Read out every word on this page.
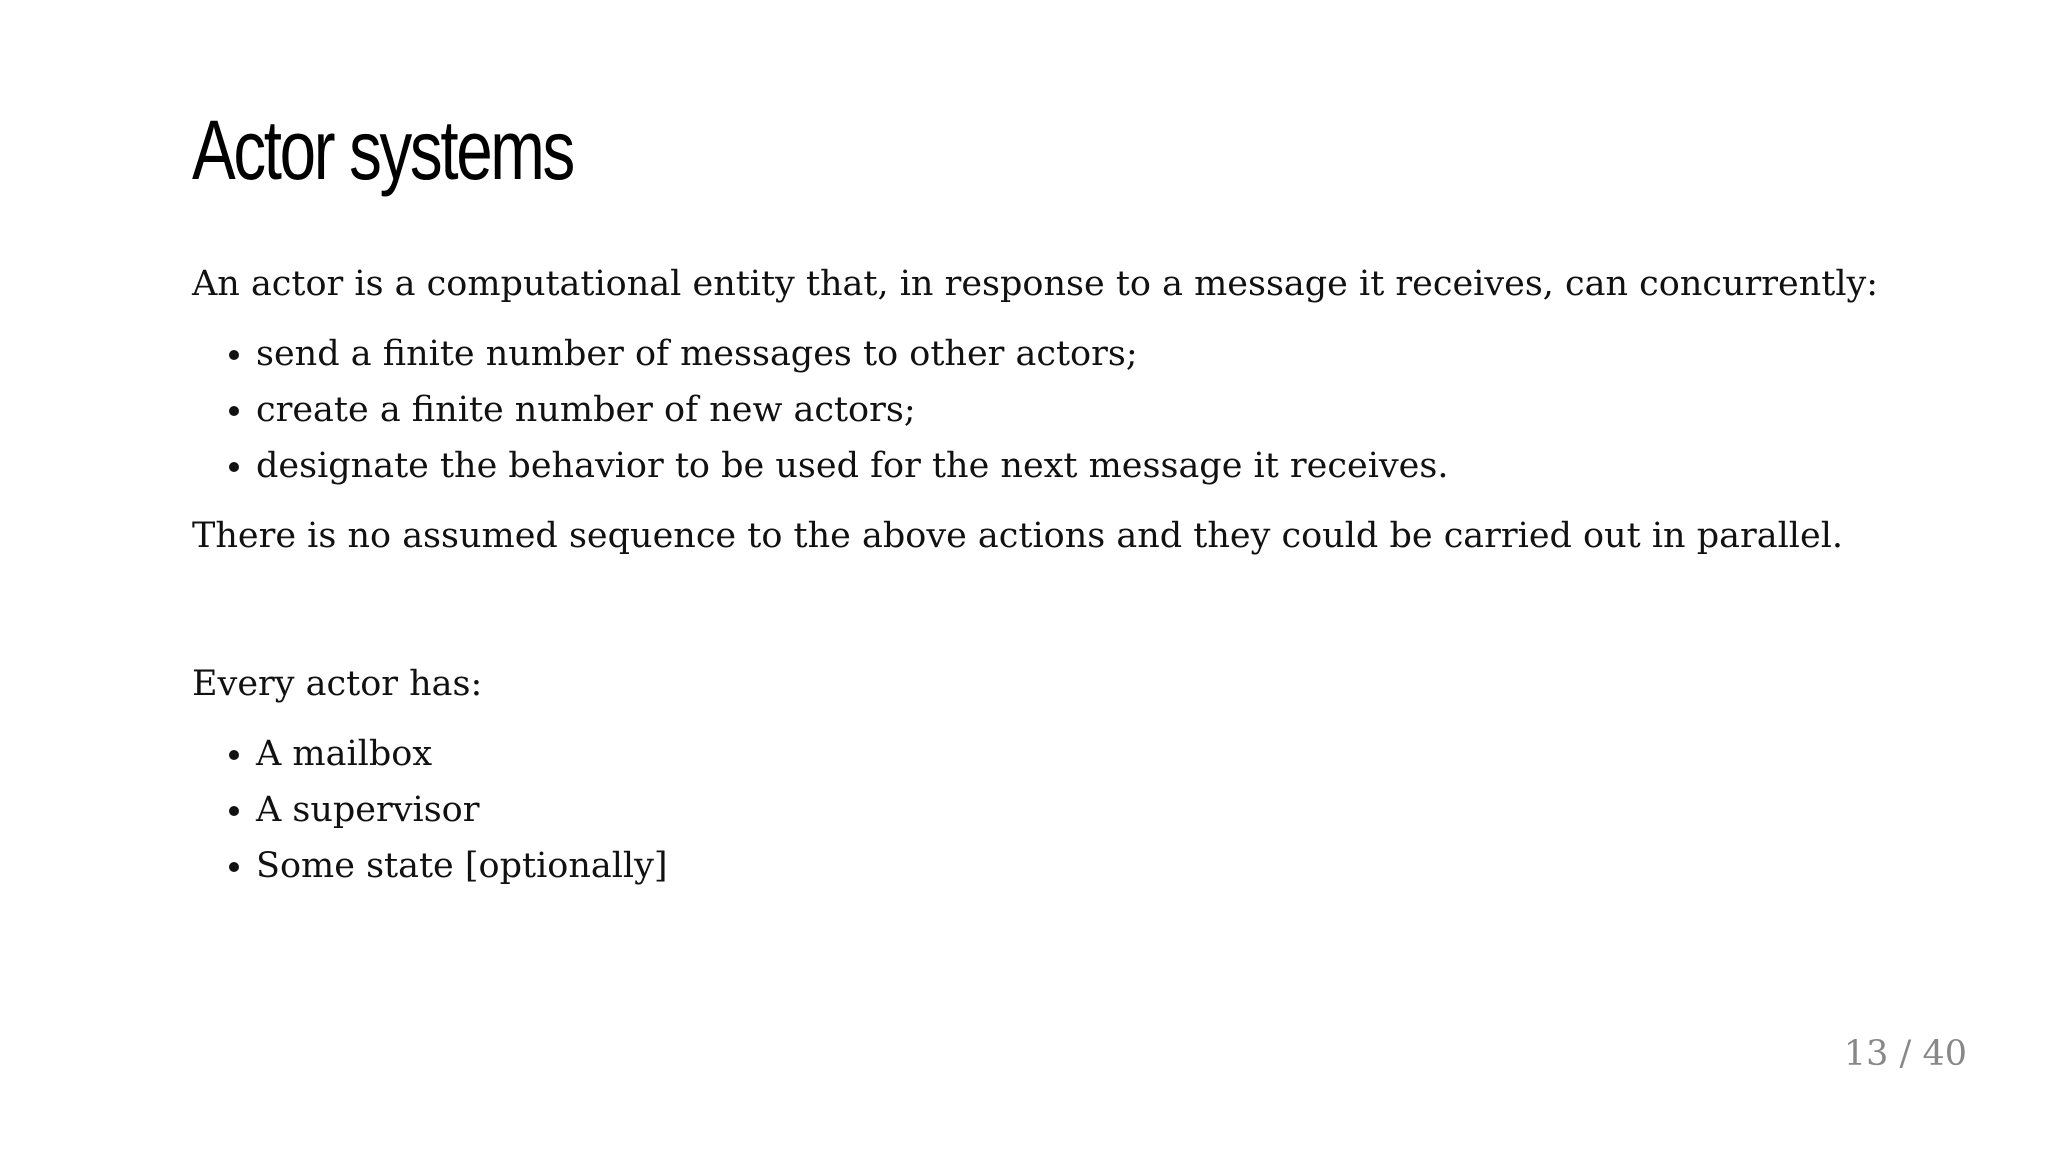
Actor systems

An actor is a computational entity that, in response to a message it receives, can concurrently:

• send a finite number of messages to other actors;
• create a finite number of new actors;
• designate the behavior to be used for the next message it receives.

There is no assumed sequence to the above actions and they could be carried out in parallel.

Every actor has:

• A mailbox
• A supervisor
• Some state [optionally]
13 / 40
